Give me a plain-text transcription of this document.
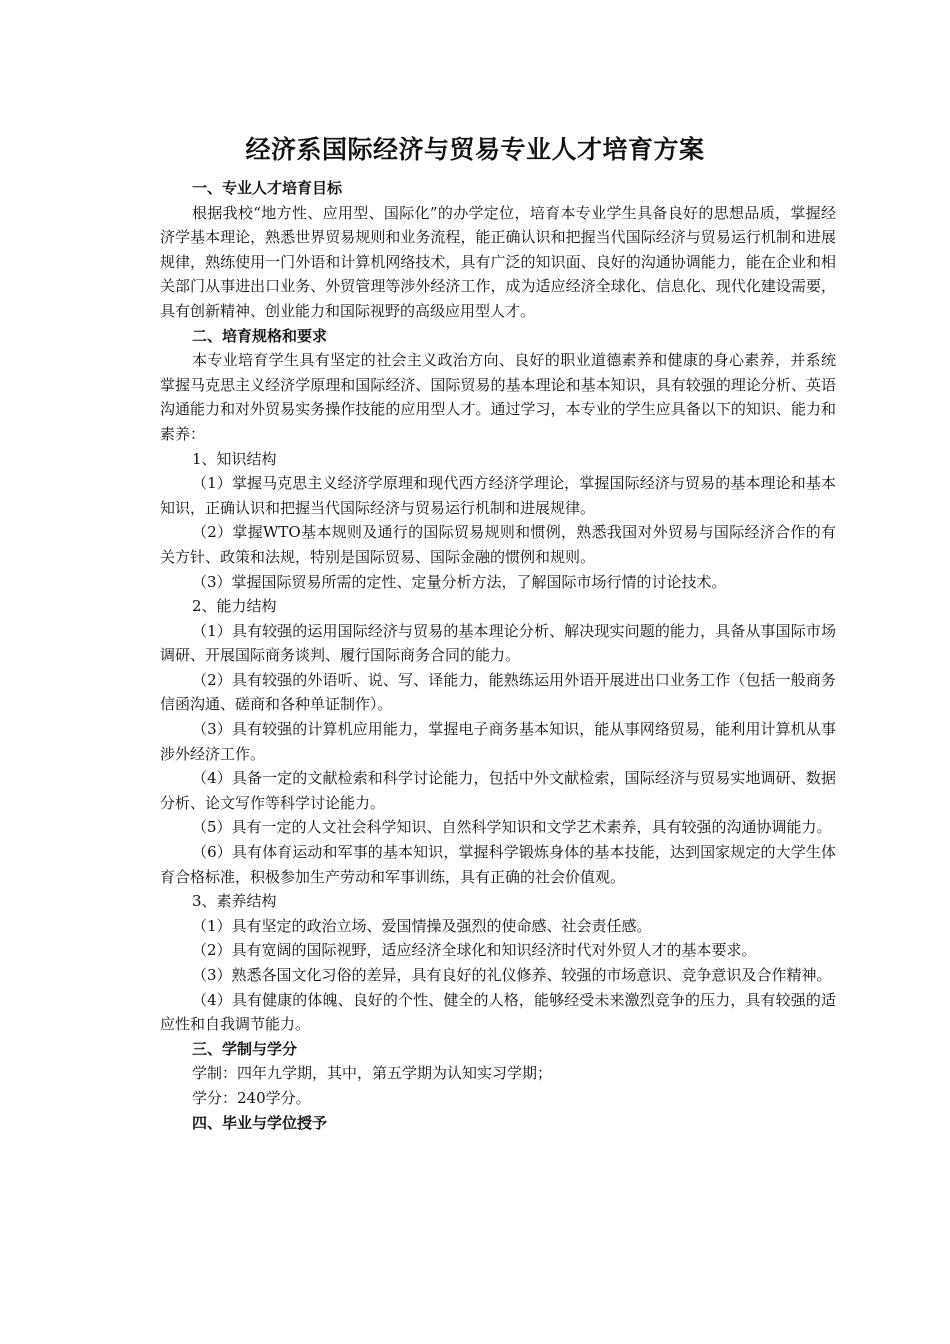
经济系国际经济与贸易专业人才培育方案

一、专业人才培育目标

根据我校“地方性、应用型、国际化”的办学定位，培育本专业学生具备良好的思想品质，掌握经济学基本理论，熟悉世界贸易规则和业务流程，能正确认识和把握当代国际经济与贸易运行机制和进展规律，熟练使用一门外语和计算机网络技术，具有广泛的知识面、良好的沟通协调能力，能在企业和相关部门从事进出口业务、外贸管理等涉外经济工作，成为适应经济全球化、信息化、现代化建设需要，具有创新精神、创业能力和国际视野的高级应用型人才。

二、培育规格和要求

本专业培育学生具有坚定的社会主义政治方向、良好的职业道德素养和健康的身心素养，并系统掌握马克思主义经济学原理和国际经济、国际贸易的基本理论和基本知识，具有较强的理论分析、英语沟通能力和对外贸易实务操作技能的应用型人才。通过学习，本专业的学生应具备以下的知识、能力和素养：

1、知识结构

（1）掌握马克思主义经济学原理和现代西方经济学理论，掌握国际经济与贸易的基本理论和基本知识，正确认识和把握当代国际经济与贸易运行机制和进展规律。

（2）掌握WTO基本规则及通行的国际贸易规则和惯例，熟悉我国对外贸易与国际经济合作的有关方针、政策和法规，特别是国际贸易、国际金融的惯例和规则。

（3）掌握国际贸易所需的定性、定量分析方法，了解国际市场行情的讨论技术。

2、能力结构

（1）具有较强的运用国际经济与贸易的基本理论分析、解决现实问题的能力，具备从事国际市场调研、开展国际商务谈判、履行国际商务合同的能力。

（2）具有较强的外语听、说、写、译能力，能熟练运用外语开展进出口业务工作（包括一般商务信函沟通、磋商和各种单证制作）。

（3）具有较强的计算机应用能力，掌握电子商务基本知识，能从事网络贸易，能利用计算机从事涉外经济工作。

（4）具备一定的文献检索和科学讨论能力，包括中外文献检索，国际经济与贸易实地调研、数据分析、论文写作等科学讨论能力。

（5）具有一定的人文社会科学知识、自然科学知识和文学艺术素养，具有较强的沟通协调能力。

（6）具有体育运动和军事的基本知识，掌握科学锻炼身体的基本技能，达到国家规定的大学生体育合格标准，积极参加生产劳动和军事训练，具有正确的社会价值观。

3、素养结构

（1）具有坚定的政治立场、爱国情操及强烈的使命感、社会责任感。

（2）具有宽阔的国际视野，适应经济全球化和知识经济时代对外贸人才的基本要求。

（3）熟悉各国文化习俗的差异，具有良好的礼仪修养、较强的市场意识、竞争意识及合作精神。

（4）具有健康的体魄、良好的个性、健全的人格，能够经受未来激烈竞争的压力，具有较强的适应性和自我调节能力。

三、学制与学分

学制：四年九学期，其中，第五学期为认知实习学期；

学分：240学分。

四、毕业与学位授予
